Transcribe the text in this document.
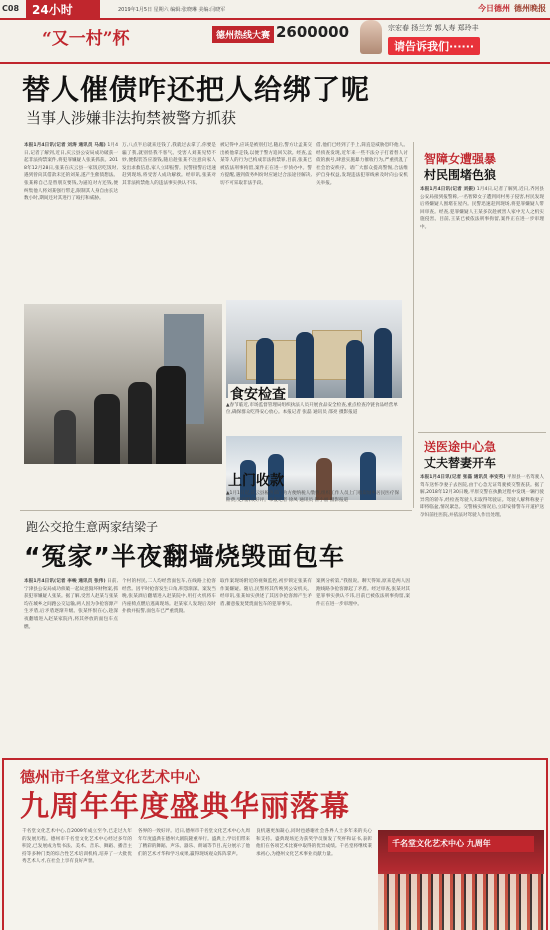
C08	24小时	2019年1月5日 星期六 编辑:张晓琳 美编:闫晓军	今日德州 德州晚报
“又一村”杯	德州热线大赛 2600000	宗宏春 扬兰芳 郭人寿 郑玲丰
请告诉我们······
替人催债咋还把人给绑了呢
当事人涉嫌非法拘禁被警方抓获
本报1月4日讯(记者 刘涛 通讯员 马超) 1月4日,记者了解到,近日,庆云县公安局成功破获一起非法拘禁案件,将犯罪嫌疑人张某抓获。2018年12月28日,张某在庆云县一家饭店吃饭时,遇到曾向其借款未还的刘某,遂产生催债想法。张某称自己是替朋友要钱,为逼迫对方还钱,便纠集他人将刘某强行带走,限制其人身自由长达数小时,期间还对其进行了殴打和威胁。
万,八点半后就来还钱了,我就过去拿了,你要是骗了我,就别怪我不客气。受害人刘某见势不妙,便假装答应凑钱,随后趁张某不注意向家人发出求救信息,家人立即报警。民警接警后迅速赶到现场,将受害人成功解救。经审讯,张某对其非法拘禁他人的违法事实供认不讳。
被记得中,应该是被别打过,随后,警方让孟某交出被他拿走钱,以便于警方追回欠款。经查,孟某等人的行为已构成非法拘禁罪,目前,张某已被依法刑事拘留,案件正在进一步侦办中。警方提醒,遇到债务纠纷时应通过合法途径解决,切不可采取非法手段。
借,他们已经到了手上,简直是威胁恐吓他人。经侦查发现,近年来一些不法分子打着替人讨债的旗号,肆意实施暴力催收行为,严重扰乱了社会治安秩序。请广大群众提高警惕,合法维护自身权益,发现违法犯罪线索及时向公安机关举报。
食安检查
▲春节临近,市场监督管理局组织执法人员开展食品安全检查,重点检查冷链食品经营单位,确保群众吃得安心放心。本报记者 张磊 通讯员 邵亮 摄影报道
上门收款
▲1月1日起,庆云县税务部门为方便纳税人缴费,组织工作人员上门收取城乡居民医疗保险费,受到群众好评。本报记者 徐凤 通讯员 崔小丽 摄影报道
智障女遭强暴
村民围堵色狼
本报1月4日讯(记者 刘振) 1月4日,记者了解到,近日,齐河县公安局接到报警称,一名智障女子遭到同村男子侵害,村民发现后将嫌疑人围堵在屋内。民警迅速赶到现场,将犯罪嫌疑人带回审查。经查,犯罪嫌疑人王某多次趁被害人家中无人之机实施侵害。目前,王某已被依法刑事拘留,案件正在进一步审理中。
送医途中心急
丈夫替妻开车
本报1月4日讯(记者 张磊 通讯员 李安英) 平原县一名驾驶人驾车送怀孕妻子去医院,由于心急无证驾驶被交警查获。据了解,2018年12月30日晚,平原交警在执勤过程中发现一辆行驶异常的轿车,经检查驾驶人未取得驾驶证。驾驶人解释称妻子即将临盆,情况紧急。交警核实情况后,立即安排警车开道护送孕妇前往医院,并依法对驾驶人作出处理。
跑公交抢生意两家结梁子
“冤家”半夜翻墙烧毁面包车
本报1月4日讯(记者 李峻 通讯员 张伟) 日前,宁津县公安局成功侦破一起故意毁坏财物案,抓获犯罪嫌疑人张某。据了解,受害人赵某与张某均在城乡之间跑公交运输,两人因为争抢客源产生矛盾,后矛盾逐渐升级。张某怀恨在心,趁深夜翻墙进入赵某家院内,将其停放的面包车点燃。
个村的村民,二人均经营面包车,在线路上抢客经营。因平时抢客发生口角,积怨渐深。案发当晚,张某酒后翻墙进入赵某院中,用打火机将车内座椅点燃后逃离现场。赵某家人发现后及时扑救并报警,面包车已严重烧毁。
取作案现场附近的视频监控,初步锁定张某有作案嫌疑。随后,民警将其传唤到公安机关。经审讯,张某如实供述了其因争抢客源产生矛盾,蓄意报复焚烧面包车的犯罪事实。
案例分析第,“我很说。聊天得知,原来是两人因跑线路争抢客源起了矛盾。经过审查,张某对其犯罪事实供认不讳,目前已被依法刑事拘留,案件正在进一步审理中。
德州市千名堂文化艺术中心
九周年年度盛典华丽落幕
千名堂文化艺术中心,自2009年成立至今,已走过九年的发展历程。德州市千名堂文化艺术中心经过多年的积淀,已发展成为集书法、美术、音乐、舞蹈、播音主持等多种门类的综合性艺术培训机构,培养了一大批优秀艺术人才,在社会上享有良好声誉。
各界的一致好评。近日,德州市千名堂文化艺术中心九周年年度盛典在德州大剧院隆重举行。盛典上,学员们带来了精彩的舞蹈、声乐、器乐、朗诵等节目,充分展示了他们的艺术才华和学习成果,赢得现场观众阵阵掌声。
良机遇更加凝心,同时也感谢社会各界人士多年来的关心和支持。盛典现场还为获奖学员颁发了奖杯和证书,表彰他们在各项艺术比赛中取得的优异成绩。千名堂将继续秉承初心,为德州文化艺术事业贡献力量。
千名堂文化艺术中心 九周年
